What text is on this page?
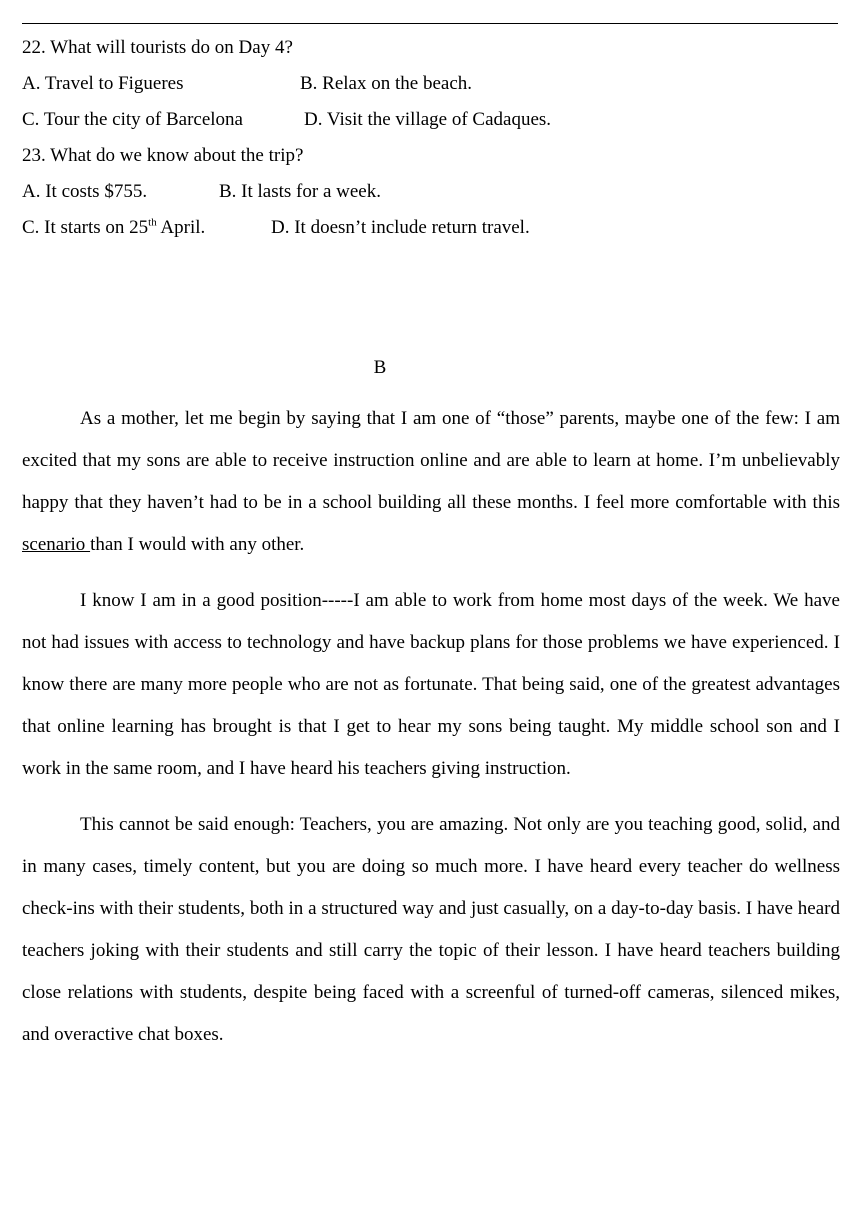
22. What will tourists do on Day 4?
A. Travel to Figueres	B. Relax on the beach.
C. Tour the city of Barcelona	D. Visit the village of Cadaques.
23. What do we know about the trip?
A. It costs $755.	B. It lasts for a week.
C. It starts on 25th April.	D. It doesn’t include return travel.
B

As a mother, let me begin by saying that I am one of “those” parents, maybe one of the few: I am excited that my sons are able to receive instruction online and are able to learn at home. I’m unbelievably happy that they haven’t had to be in a school building all these months. I feel more comfortable with this scenario than I would with any other.

I know I am in a good position-----I am able to work from home most days of the week. We have not had issues with access to technology and have backup plans for those problems we have experienced. I know there are many more people who are not as fortunate. That being said, one of the greatest advantages that online learning has brought is that I get to hear my sons being taught. My middle school son and I work in the same room, and I have heard his teachers giving instruction.

This cannot be said enough: Teachers, you are amazing. Not only are you teaching good, solid, and in many cases, timely content, but you are doing so much more. I have heard every teacher do wellness check-ins with their students, both in a structured way and just casually, on a day-to-day basis. I have heard teachers joking with their students and still carry the topic of their lesson. I have heard teachers building close relations with students, despite being faced with a screenful of turned-off cameras, silenced mikes, and overactive chat boxes.
